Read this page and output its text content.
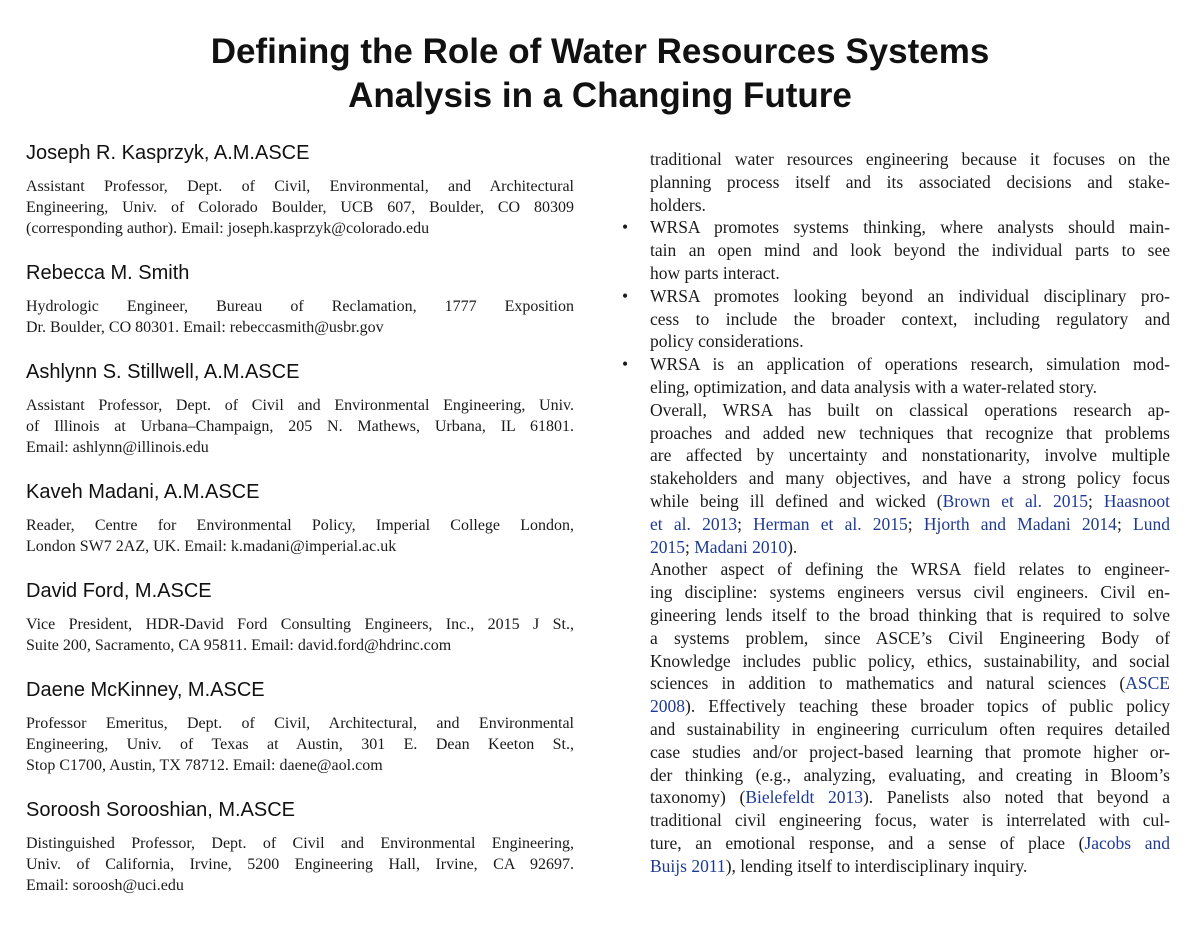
Defining the Role of Water Resources Systems
Analysis in a Changing Future
Joseph R. Kasprzyk, A.M.ASCE
Assistant Professor, Dept. of Civil, Environmental, and Architectural
Engineering, Univ. of Colorado Boulder, UCB 607, Boulder, CO 80309
(corresponding author). Email: joseph.kasprzyk@colorado.edu
Rebecca M. Smith
Hydrologic Engineer, Bureau of Reclamation, 1777 Exposition
Dr. Boulder, CO 80301. Email: rebeccasmith@usbr.gov
Ashlynn S. Stillwell, A.M.ASCE
Assistant Professor, Dept. of Civil and Environmental Engineering, Univ.
of Illinois at Urbana–Champaign, 205 N. Mathews, Urbana, IL 61801.
Email: ashlynn@illinois.edu
Kaveh Madani, A.M.ASCE
Reader, Centre for Environmental Policy, Imperial College London,
London SW7 2AZ, UK. Email: k.madani@imperial.ac.uk
David Ford, M.ASCE
Vice President, HDR-David Ford Consulting Engineers, Inc., 2015 J St.,
Suite 200, Sacramento, CA 95811. Email: david.ford@hdrinc.com
Daene McKinney, M.ASCE
Professor Emeritus, Dept. of Civil, Architectural, and Environmental
Engineering, Univ. of Texas at Austin, 301 E. Dean Keeton St.,
Stop C1700, Austin, TX 78712. Email: daene@aol.com
Soroosh Sorooshian, M.ASCE
Distinguished Professor, Dept. of Civil and Environmental Engineering,
Univ. of California, Irvine, 5200 Engineering Hall, Irvine, CA 92697.
Email: soroosh@uci.edu
traditional water resources engineering because it focuses on the
planning process itself and its associated decisions and stake-
holders.
• WRSA promotes systems thinking, where analysts should main-
tain an open mind and look beyond the individual parts to see
how parts interact.
• WRSA promotes looking beyond an individual disciplinary pro-
cess to include the broader context, including regulatory and
policy considerations.
• WRSA is an application of operations research, simulation mod-
eling, optimization, and data analysis with a water-related story.
Overall, WRSA has built on classical operations research ap-
proaches and added new techniques that recognize that problems
are affected by uncertainty and nonstationarity, involve multiple
stakeholders and many objectives, and have a strong policy focus
while being ill defined and wicked (Brown et al. 2015; Haasnoot
et al. 2013; Herman et al. 2015; Hjorth and Madani 2014; Lund
2015; Madani 2010).
Another aspect of defining the WRSA field relates to engineer-
ing discipline: systems engineers versus civil engineers. Civil en-
gineering lends itself to the broad thinking that is required to solve
a systems problem, since ASCE’s Civil Engineering Body of
Knowledge includes public policy, ethics, sustainability, and social
sciences in addition to mathematics and natural sciences (ASCE
2008). Effectively teaching these broader topics of public policy
and sustainability in engineering curriculum often requires detailed
case studies and/or project-based learning that promote higher or-
der thinking (e.g., analyzing, evaluating, and creating in Bloom’s
taxonomy) (Bielefeldt 2013). Panelists also noted that beyond a
traditional civil engineering focus, water is interrelated with cul-
ture, an emotional response, and a sense of place (Jacobs and
Buijs 2011), lending itself to interdisciplinary inquiry.
